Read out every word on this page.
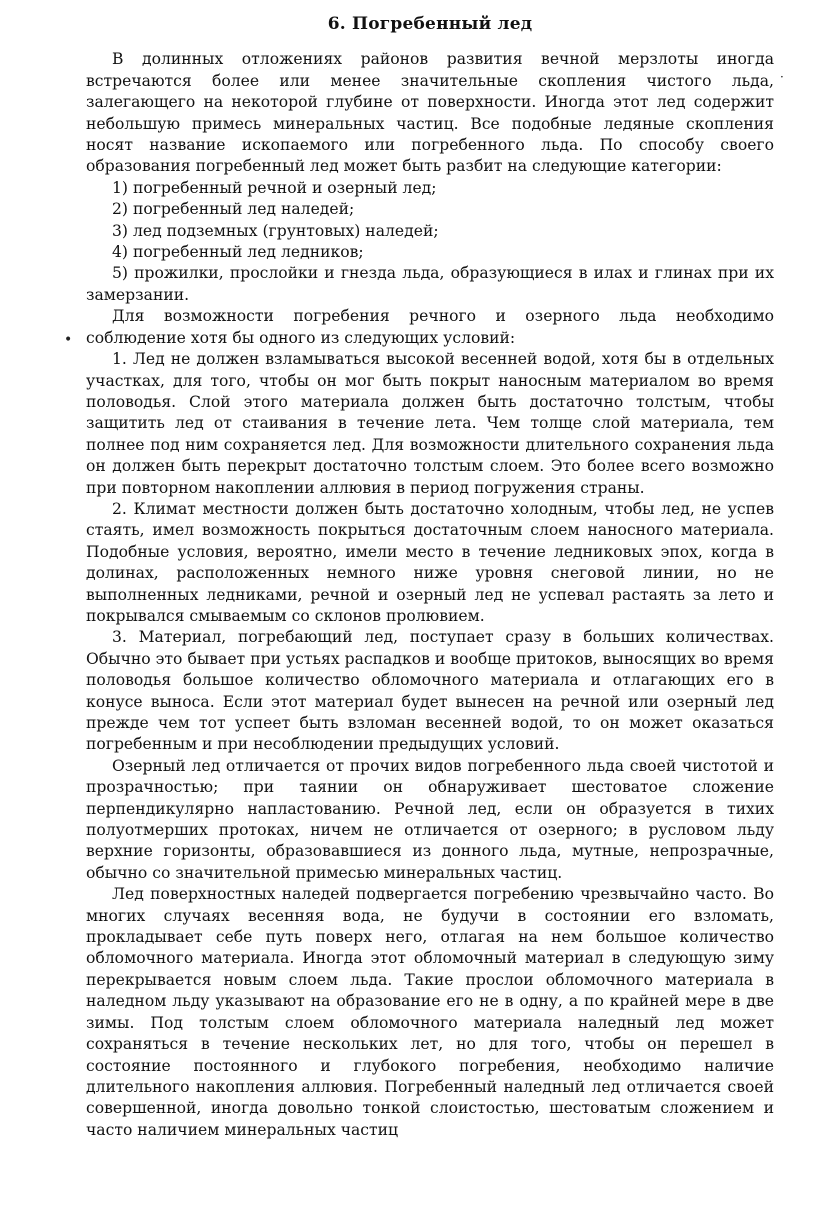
6. Погребенный лед

В долинных отложениях районов развития вечной мерзлоты иногда встречаются более или менее значительные скопления чистого льда, залегающего на некоторой глубине от поверхности. Иногда этот лед содержит небольшую примесь минеральных частиц. Все подобные ледяные скопления носят название ископаемого или погребенного льда. По способу своего образования погребенный лед может быть разбит на следующие категории:

1) погребенный речной и озерный лед;

2) погребенный лед наледей;

3) лед подземных (грунтовых) наледей;

4) погребенный лед ледников;

5) прожилки, прослойки и гнезда льда, образующиеся в илах и глинах при их замерзании.

Для возможности погребения речного и озерного льда необходимо соблюдение хотя бы одного из следующих условий:

1. Лед не должен взламываться высокой весенней водой, хотя бы в отдельных участках, для того, чтобы он мог быть покрыт наносным материалом во время половодья. Слой этого материала должен быть достаточно толстым, чтобы защитить лед от стаивания в течение лета. Чем толще слой материала, тем полнее под ним сохраняется лед. Для возможности длительного сохранения льда он должен быть перекрыт достаточно толстым слоем. Это более всего возможно при повторном накоплении аллювия в период погружения страны.

2. Климат местности должен быть достаточно холодным, чтобы лед, не успев стаять, имел возможность покрыться достаточным слоем наносного материала. Подобные условия, вероятно, имели место в течение ледниковых эпох, когда в долинах, расположенных немного ниже уровня снеговой линии, но не выполненных ледниками, речной и озерный лед не успевал растаять за лето и покрывался смываемым со склонов пролювием.

3. Материал, погребающий лед, поступает сразу в больших количествах. Обычно это бывает при устьях распадков и вообще притоков, выносящих во время половодья большое количество обломочного материала и отлагающих его в конусе выноса. Если этот материал будет вынесен на речной или озерный лед прежде чем тот успеет быть взломан весенней водой, то он может оказаться погребенным и при несоблюдении предыдущих условий.

Озерный лед отличается от прочих видов погребенного льда своей чистотой и прозрачностью; при таянии он обнаруживает шестоватое сложение перпендикулярно напластованию. Речной лед, если он образуется в тихих полуотмерших протоках, ничем не отличается от озерного; в русловом льду верхние горизонты, образовавшиеся из донного льда, мутные, непрозрачные, обычно со значительной примесью минеральных частиц.

Лед поверхностных наледей подвергается погребению чрезвычайно часто. Во многих случаях весенняя вода, не будучи в состоянии его взломать, прокладывает себе путь поверх него, отлагая на нем большое количество обломочного материала. Иногда этот обломочный материал в следующую зиму перекрывается новым слоем льда. Такие прослои обломочного материала в наледном льду указывают на образование его не в одну, а по крайней мере в две зимы. Под толстым слоем обломочного материала наледный лед может сохраняться в течение нескольких лет, но для того, чтобы он перешел в состояние постоянного и глубокого погребения, необходимо наличие длительного накопления аллювия. Погребенный наледный лед отличается своей совершенной, иногда довольно тонкой слоистостью, шестоватым сложением и часто наличием минеральных частиц

•
·
